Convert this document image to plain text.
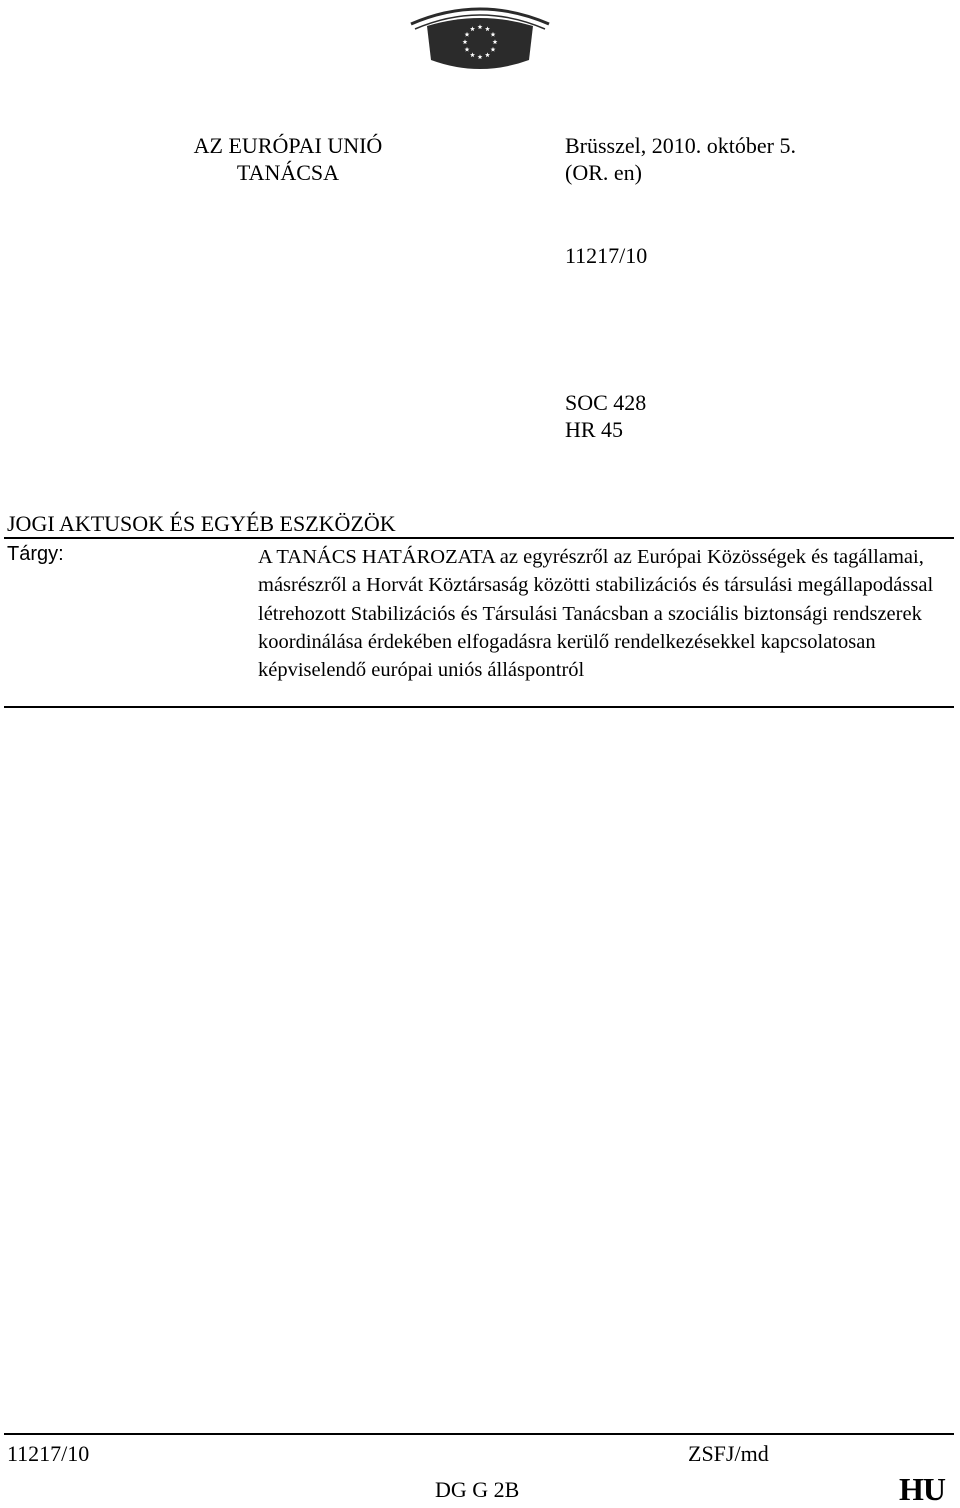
AZ EURÓPAI UNIÓ
TANÁCSA
Brüsszel, 2010. október 5.
(OR. en)
11217/10
SOC 428
HR 45
JOGI AKTUSOK ÉS EGYÉB ESZKÖZÖK
Tárgy:	A TANÁCS HATÁROZATA az egyrészről az Európai Közösségek és tagállamai, másrészről a Horvát Köztársaság közötti stabilizációs és társulási megállapodással létrehozott Stabilizációs és Társulási Tanácsban a szociális biztonsági rendszerek koordinálása érdekében elfogadásra kerülő rendelkezésekkel kapcsolatosan képviselendő európai uniós álláspontról
11217/10	ZSFJ/md
DG G 2B	HU
